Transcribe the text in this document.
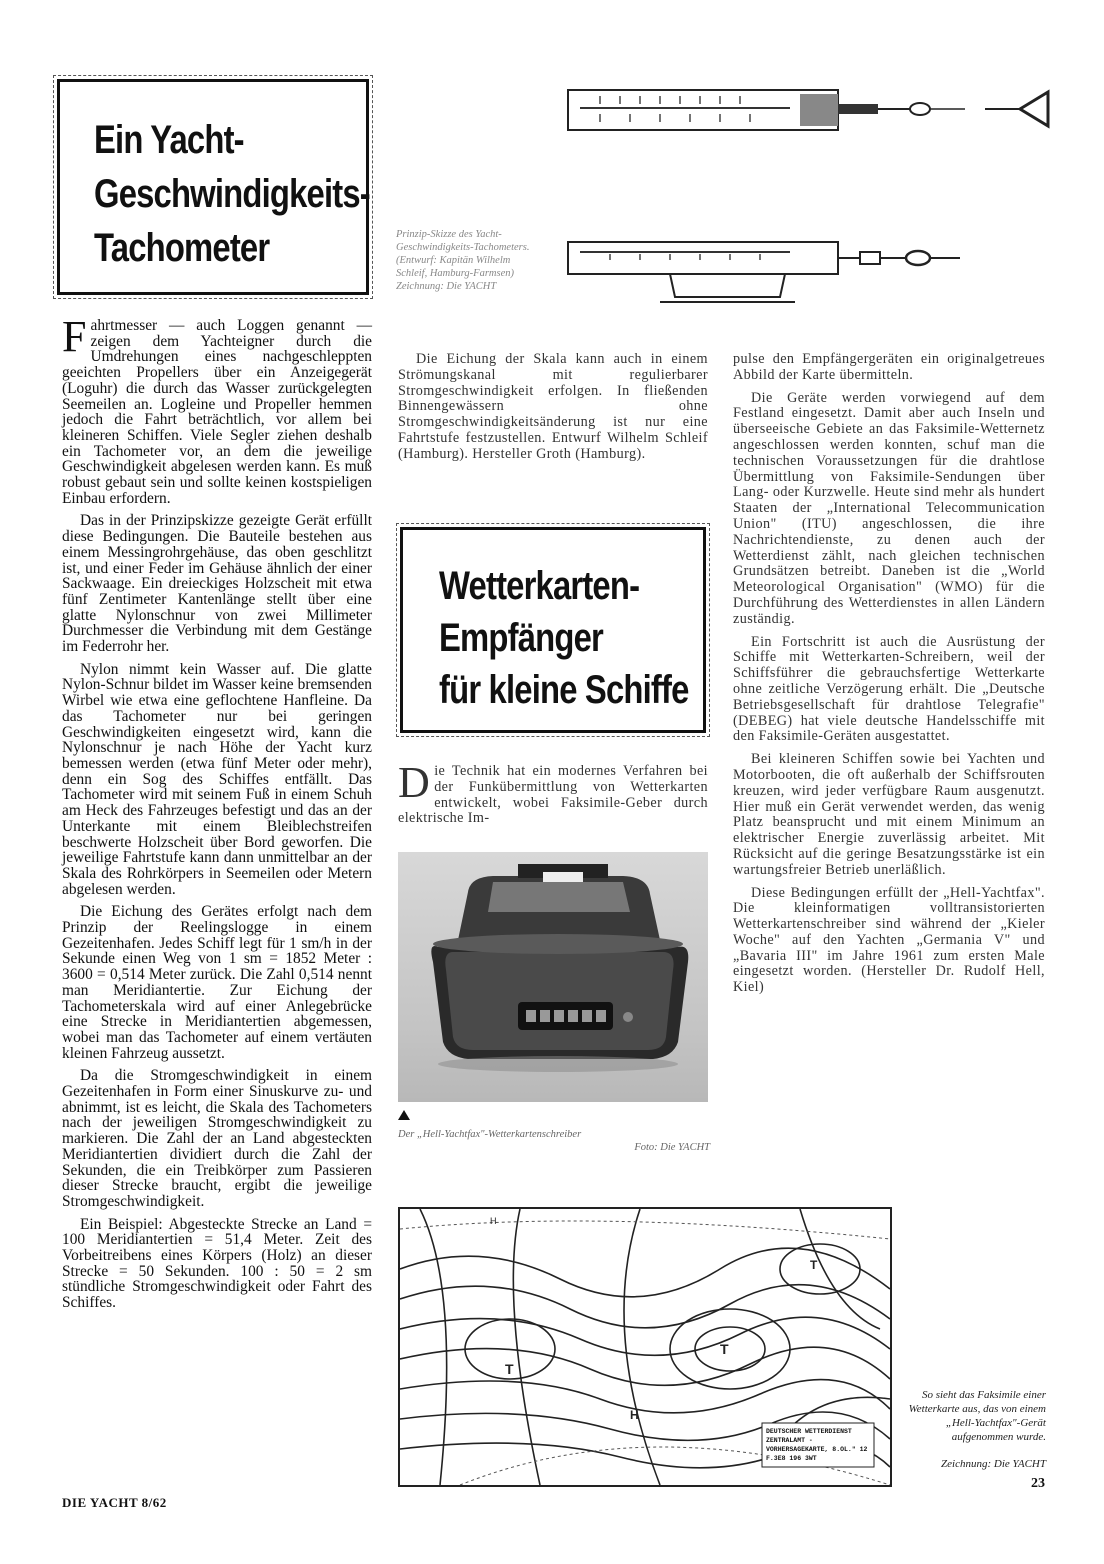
Ein Yacht-
Geschwindigkeits-
Tachometer	Prinzip-Skizze des Yacht-Geschwindigkeits-Tachometers. (Entwurf: Kapitän Wilhelm Schleif, Hamburg-Farmsen) Zeichnung: Die YACHT

Fahrtmesser — auch Loggen genannt — zeigen dem Yachteigner durch die Umdrehungen eines nachgeschleppten geeichten Propellers über ein Anzeigegerät (Loguhr) die durch das Wasser zurückgelegten Seemeilen an. Logleine und Propeller hemmen jedoch die Fahrt beträchtlich, vor allem bei kleineren Schiffen. Viele Segler ziehen deshalb ein Tachometer vor, an dem die jeweilige Geschwindigkeit abgelesen werden kann. Es muß robust gebaut sein und sollte keinen kostspieligen Einbau erfordern.

Das in der Prinzipskizze gezeigte Gerät erfüllt diese Bedingungen. Die Bauteile bestehen aus einem Messingrohrgehäuse, das oben geschlitzt ist, und einer Feder im Gehäuse ähnlich der einer Sackwaage. Ein dreieckiges Holzscheit mit etwa fünf Zentimeter Kantenlänge stellt über eine glatte Nylonschnur von zwei Millimeter Durchmesser die Verbindung mit dem Gestänge im Federrohr her.

Nylon nimmt kein Wasser auf. Die glatte Nylon-Schnur bildet im Wasser keine bremsenden Wirbel wie etwa eine geflochtene Hanfleine. Da das Tachometer nur bei geringen Geschwindigkeiten eingesetzt wird, kann die Nylonschnur je nach Höhe der Yacht kurz bemessen werden (etwa fünf Meter oder mehr), denn ein Sog des Schiffes entfällt. Das Tachometer wird mit seinem Fuß in einem Schuh am Heck des Fahrzeuges befestigt und das an der Unterkante mit einem Bleiblechstreifen beschwerte Holzscheit über Bord geworfen. Die jeweilige Fahrtstufe kann dann unmittelbar an der Skala des Rohrkörpers in Seemeilen oder Metern abgelesen werden.

Die Eichung des Gerätes erfolgt nach dem Prinzip der Reelingslogge in einem Gezeitenhafen. Jedes Schiff legt für 1 sm/h in der Sekunde einen Weg von 1 sm = 1852 Meter : 3600 = 0,514 Meter zurück. Die Zahl 0,514 nennt man Meridiantertie. Zur Eichung der Tachometerskala wird auf einer Anlegebrücke eine Strecke in Meridiantertien abgemessen, wobei man das Tachometer auf einem vertäuten kleinen Fahrzeug aussetzt.

Da die Stromgeschwindigkeit in einem Gezeitenhafen in Form einer Sinuskurve zu- und abnimmt, ist es leicht, die Skala des Tachometers nach der jeweiligen Stromgeschwindigkeit zu markieren. Die Zahl der an Land abgesteckten Meridiantertien dividiert durch die Zahl der Sekunden, die ein Treibkörper zum Passieren dieser Strecke braucht, ergibt die jeweilige Stromgeschwindigkeit.

Ein Beispiel: Abgesteckte Strecke an Land = 100 Meridiantertien = 51,4 Meter. Zeit des Vorbeitreibens eines Körpers (Holz) an dieser Strecke = 50 Sekunden. 100 : 50 = 2 sm stündliche Stromgeschwindigkeit oder Fahrt des Schiffes.

Die Eichung der Skala kann auch in einem Strömungskanal mit regulierbarer Stromgeschwindigkeit erfolgen. In fließenden Binnengewässern ohne Stromgeschwindigkeitsänderung ist nur eine Fahrtstufe festzustellen. Entwurf Wilhelm Schleif (Hamburg). Hersteller Groth (Hamburg).

Wetterkarten-
Empfänger
für kleine Schiffe

Die Technik hat ein modernes Verfahren bei der Funkübermittlung von Wetterkarten entwickelt, wobei Faksimile-Geber durch elektrische Im-

Der „Hell-Yachtfax"-Wetterkartenschreiber
Foto: Die YACHT

pulse den Empfängergeräten ein originalgetreues Abbild der Karte übermitteln.

Die Geräte werden vorwiegend auf dem Festland eingesetzt. Damit aber auch Inseln und überseeische Gebiete an das Faksimile-Wetternetz angeschlossen werden konnten, schuf man die technischen Voraussetzungen für die drahtlose Übermittlung von Faksimile-Sendungen über Lang- oder Kurzwelle. Heute sind mehr als hundert Staaten der „International Telecommunication Union" (ITU) angeschlossen, die ihre Nachrichtendienste, zu denen auch der Wetterdienst zählt, nach gleichen technischen Grundsätzen betreibt. Daneben ist die „World Meteorological Organisation" (WMO) für die Durchführung des Wetterdienstes in allen Ländern zuständig.

Ein Fortschritt ist auch die Ausrüstung der Schiffe mit Wetterkarten-Schreibern, weil der Schiffsführer die gebrauchsfertige Wetterkarte ohne zeitliche Verzögerung erhält. Die „Deutsche Betriebsgesellschaft für drahtlose Telegrafie" (DEBEG) hat viele deutsche Handelsschiffe mit den Faksimile-Geräten ausgestattet.

Bei kleineren Schiffen sowie bei Yachten und Motorbooten, die oft außerhalb der Schiffsrouten kreuzen, wird jeder verfügbare Raum ausgenutzt. Hier muß ein Gerät verwendet werden, das wenig Platz beansprucht und mit einem Minimum an elektrischer Energie zuverlässig arbeitet. Mit Rücksicht auf die geringe Besatzungsstärke ist ein wartungsfreier Betrieb unerläßlich.

Diese Bedingungen erfüllt der „Hell-Yachtfax". Die kleinformatigen volltransistorierten Wetterkartenschreiber sind während der „Kieler Woche" auf den Yachten „Germania V" und „Bavaria III" im Jahre 1961 zum ersten Male eingesetzt worden. (Hersteller Dr. Rudolf Hell, Kiel)

H
T
T
T
H
DEUTSCHER WETTERDIENST
ZENTRALAMT -
VORHERSAGEKARTE, 8.OL." 12
F.3E8 196 3WT
So sieht das Faksimile einer Wetterkarte aus, das von einem „Hell-Yachtfax"-Gerät aufgenommen wurde.
Zeichnung: Die YACHT
DIE YACHT 8/62
23
